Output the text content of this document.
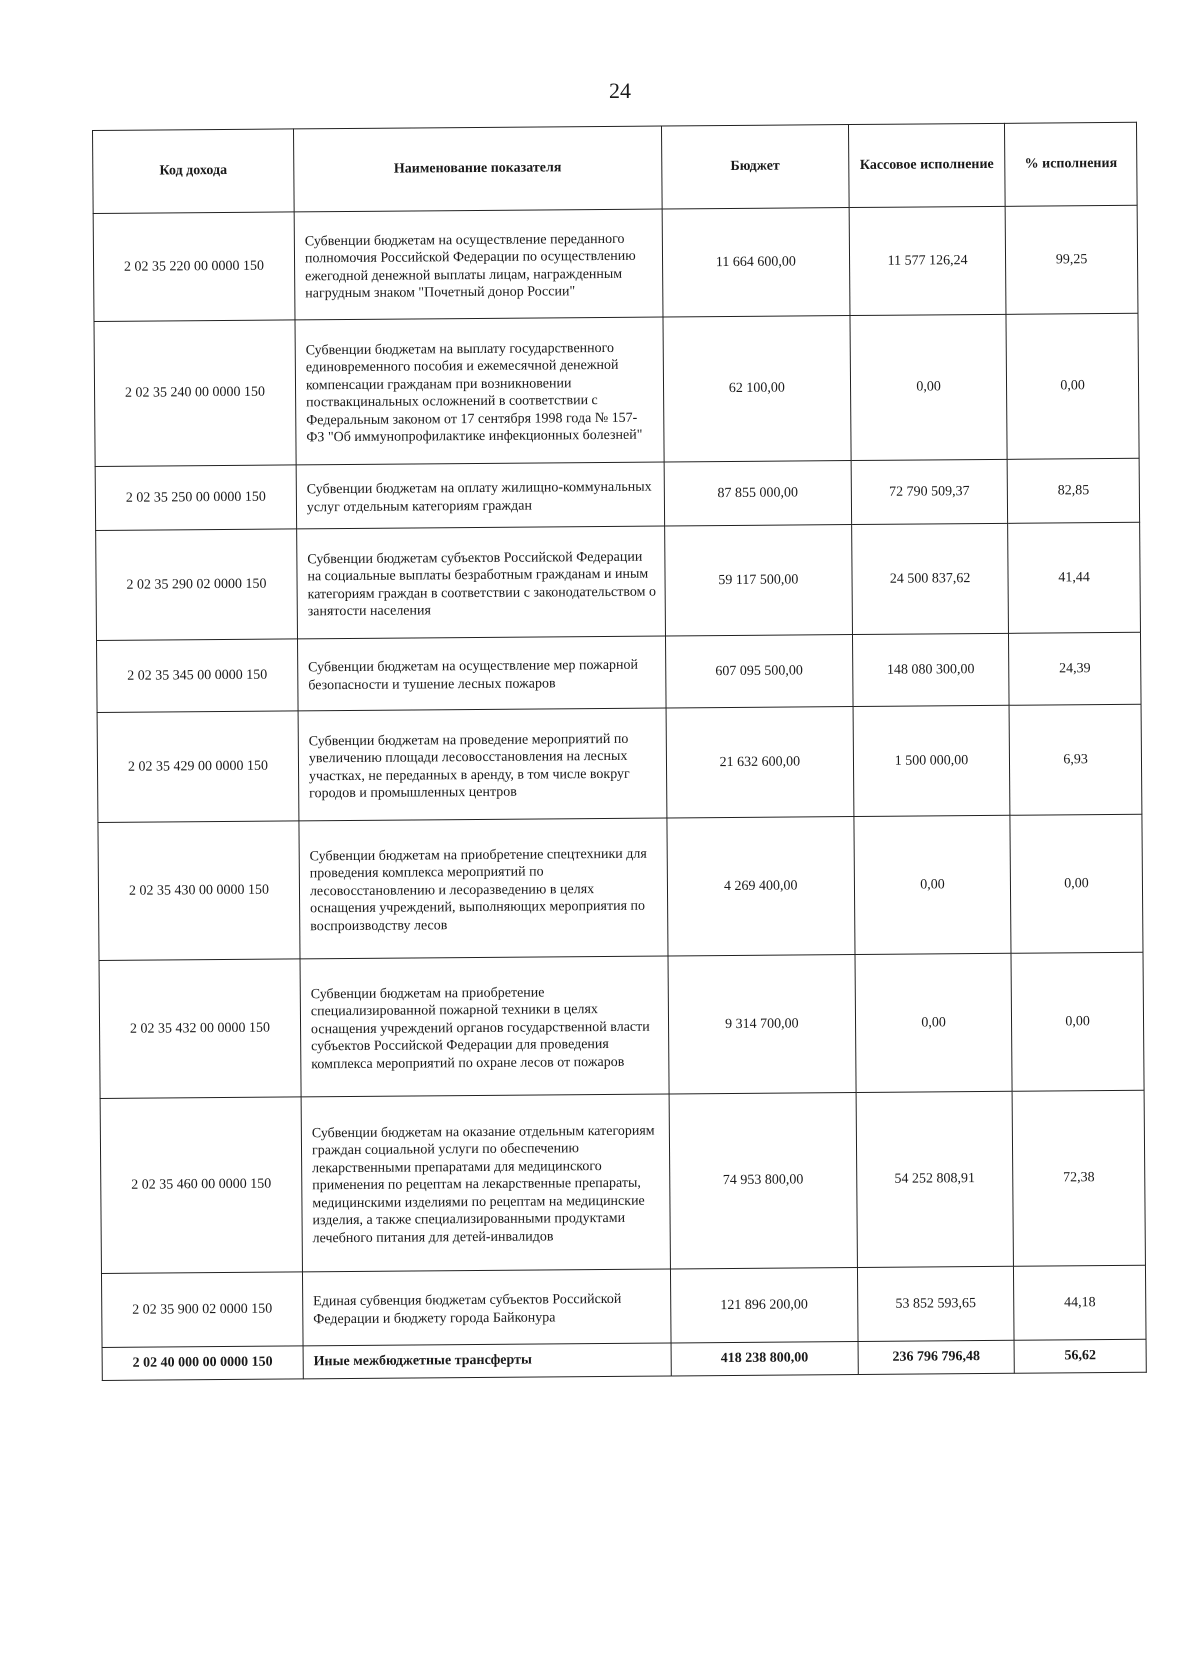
24
Код дохода	Наименование показателя	Бюджет	Кассовое исполнение	% исполнения
2 02 35 220 00 0000 150	Субвенции бюджетам на осуществление переданного полномочия Российской Федерации по осуществлению ежегодной денежной выплаты лицам, награжденным нагрудным знаком "Почетный донор России"	11 664 600,00	11 577 126,24	99,25
2 02 35 240 00 0000 150	Субвенции бюджетам на выплату государственного единовременного пособия и ежемесячной денежной компенсации гражданам при возникновении поствакцинальных осложнений в соответствии с Федеральным законом от 17 сентября 1998 года № 157-ФЗ "Об иммунопрофилактике инфекционных болезней"	62 100,00	0,00	0,00
2 02 35 250 00 0000 150	Субвенции бюджетам на оплату жилищно-коммунальных услуг отдельным категориям граждан	87 855 000,00	72 790 509,37	82,85
2 02 35 290 02 0000 150	Субвенции бюджетам субъектов Российской Федерации на социальные выплаты безработным гражданам и иным категориям граждан в соответствии с законодательством о занятости населения	59 117 500,00	24 500 837,62	41,44
2 02 35 345 00 0000 150	Субвенции бюджетам на осуществление мер пожарной безопасности и тушение лесных пожаров	607 095 500,00	148 080 300,00	24,39
2 02 35 429 00 0000 150	Субвенции бюджетам на проведение мероприятий по увеличению площади лесовосстановления на лесных участках, не переданных в аренду, в том числе вокруг городов и промышленных центров	21 632 600,00	1 500 000,00	6,93
2 02 35 430 00 0000 150	Субвенции бюджетам на приобретение спецтехники для проведения комплекса мероприятий по лесовосстановлению и лесоразведению в целях оснащения учреждений, выполняющих мероприятия по воспроизводству лесов	4 269 400,00	0,00	0,00
2 02 35 432 00 0000 150	Субвенции бюджетам на приобретение специализированной пожарной техники в целях оснащения учреждений органов государственной власти субъектов Российской Федерации для проведения комплекса мероприятий по охране лесов от пожаров	9 314 700,00	0,00	0,00
2 02 35 460 00 0000 150	Субвенции бюджетам на оказание отдельным категориям граждан социальной услуги по обеспечению лекарственными препаратами для медицинского применения по рецептам на лекарственные препараты, медицинскими изделиями по рецептам на медицинские изделия, а также специализированными продуктами лечебного питания для детей-инвалидов	74 953 800,00	54 252 808,91	72,38
2 02 35 900 02 0000 150	Единая субвенция бюджетам субъектов Российской Федерации и бюджету города Байконура	121 896 200,00	53 852 593,65	44,18
2 02 40 000 00 0000 150	Иные межбюджетные трансферты	418 238 800,00	236 796 796,48	56,62
